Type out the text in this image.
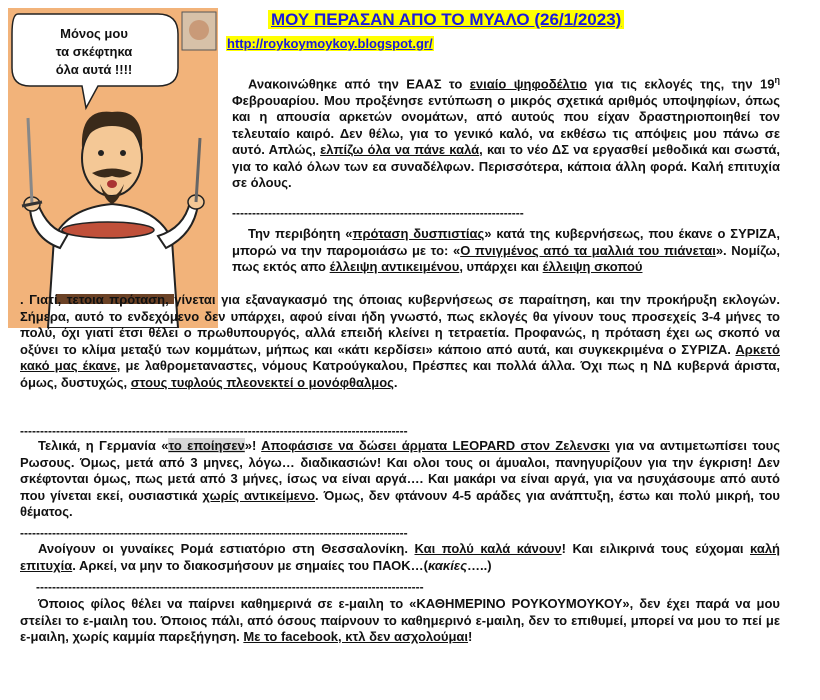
Μόνος μου
τα σκέφτηκα
όλα αυτά !!!!
ΜΟΥ ΠΕΡΑΣΑΝ ΑΠΟ ΤΟ ΜΥΑΛΟ (26/1/2023)
http://roykoymoykoy.blogspot.gr/
Ανακοινώθηκε από την ΕΑΑΣ το ενιαίο ψηφοδέλτιο για τις εκλογές της, την $19^\eta$ Φεβρουαρίου. Μου προξένησε εντύπωση ο μικρός σχετικά αριθμός υποψηφίων, όπως και η απουσία αρκετών ονομάτων, από αυτούς που είχαν δραστηριοποιηθεί τον τελευταίο καιρό. Δεν θέλω, για το γενικό καλό, να εκθέσω τις απόψεις μου πάνω σε αυτό. Απλώς, ελπίζω όλα να πάνε καλά, και το νέο ΔΣ να εργασθεί μεθοδικά και σωστά, για το καλό όλων των εα συναδέλφων. Περισσότερα, κάποια άλλη φορά. Καλή επιτυχία σε όλους.
-------------------------------------------------------------------------
Την περιβόητη «πρόταση δυσπιστίας» κατά της κυβερνήσεως, που έκανε ο ΣΥΡΙΖΑ, μπορώ να την παρομοιάσω με το: «Ο πνιγμένος από τα μαλλιά του πιάνεται». Νομίζω, πως εκτός απο έλλειψη αντικειμένου, υπάρχει και έλλειψη σκοπού
. Γιατί, τετοια πρόταση, γίνεται για εξαναγκασμό της όποιας κυβερνήσεως σε παραίτηση, και την προκήρυξη εκλογών. Σήμερα, αυτό το ενδεχόμενο δεν υπάρχει, αφού είναι ήδη γνωστό, πως εκλογές θα γίνουν τους προσεχείς 3-4 μήνες το πολύ, όχι γιατί έτσι θέλει ο πρωθυπουργός, αλλά επειδή κλείνει η τετραετία. Προφανώς, η πρόταση έχει ως σκοπό να οξύνει το κλίμα μεταξύ των κομμάτων, μήπως και «κάτι κερδίσει» κάποιο από αυτά, και συγκεκριμένα ο ΣΥΡΙΖΑ. Αρκετό κακό μας έκανε, με λαθρομεταναστες, νόμους Κατρούγκαλου, Πρέσπες και πολλά άλλα. Όχι πως η ΝΔ κυβερνά άριστα, όμως, δυστυχώς, στους τυφλούς πλεονεκτεί ο μονόφθαλμος.
-------------------------------------------------------------------------------------------------
Τελικά, η Γερμανία «το εποίησεν»! Αποφάσισε να δώσει άρματα LEOPARD στον Ζελενσκι για να αντιμετωπίσει τους Ρωσους. Όμως, μετά από 3 μηνες, λόγω… διαδικασιών! Και ολοι τους οι άμυαλοι, πανηγυρίζουν για την έγκριση! Δεν σκέφτονται όμως, πως μετά από 3 μήνες, ίσως να είναι αργά…. Και μακάρι να είναι αργά, για να ησυχάσουμε από αυτό που γίνεται εκεί, ουσιαστικά χωρίς αντικείμενο. Όμως, δεν φτάνουν 4-5 αράδες για ανάπτυξη, έστω και πολύ μικρή, του θέματος.
-------------------------------------------------------------------------------------------------
Ανοίγουν οι γυναίκες Ρομά εστιατόριο στη Θεσσαλονίκη. Και πολύ καλά κάνουν! Και ειλικρινά τους εύχομαι καλή επιτυχία. Αρκεί, να μην το διακοσμήσουν με σημαίες του ΠΑΟΚ…(κακίες…..)
-------------------------------------------------------------------------------------------------
Όποιος φίλος θέλει να παίρνει καθημερινά σε ε-μαιλη το «ΚΑΘΗΜΕΡΙΝΟ ΡΟΥΚΟΥΜΟΥΚΟΥ», δεν έχει παρά να μου στείλει το ε-μαιλη του. Όποιος πάλι, από όσους παίρνουν το καθημερινό ε-μαιλη, δεν το επιθυμεί, μπορεί να μου το πεί με ε-μαιλη, χωρίς καμμία παρεξήγηση. Με το facebook, κτλ δεν ασχολούμαι!
